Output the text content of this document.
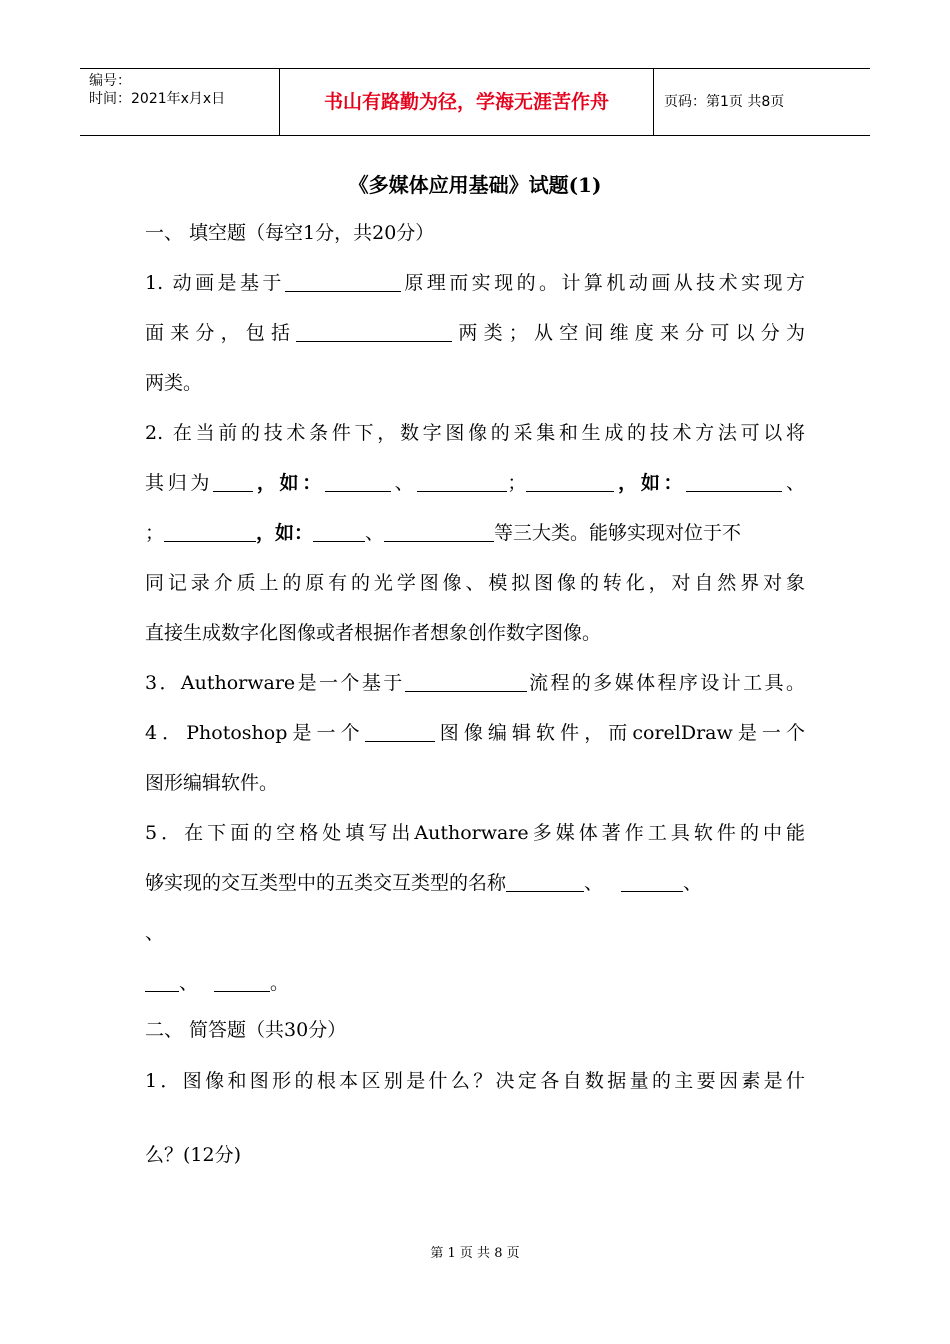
编号：
时间：2021年x月x日	书山有路勤为径，学海无涯苦作舟	页码：第1页 共8页
《多媒体应用基础》试题(1)
一、 填空题（每空1分，共20分）
1. 动画是基于	原理而实现的。计算机动画从技术实现方
面来分，包括	两类；从空间维度来分可以分为
两类。
2. 在当前的技术条件下，数字图像的采集和生成的技术方法可以将
其归为 ，如：	、	；	，如：	、
；	，如：	、	等三大类。能够实现对位于不
同记录介质上的原有的光学图像、模拟图像的转化，对自然界对象
直接生成数字化图像或者根据作者想象创作数字图像。
3．Authorware是一个基于	流程的多媒体程序设计工具。
4．Photoshop是一个	图像编辑软件，而corelDraw是一个
图形编辑软件。
5．在下面的空格处填写出Authorware多媒体著作工具软件的中能
够实现的交互类型中的五类交互类型的名称	、	、
、
、	。
二、 简答题（共30分）
1．图像和图形的根本区别是什么？决定各自数据量的主要因素是什
么？(12分)
第 1 页 共 8 页
